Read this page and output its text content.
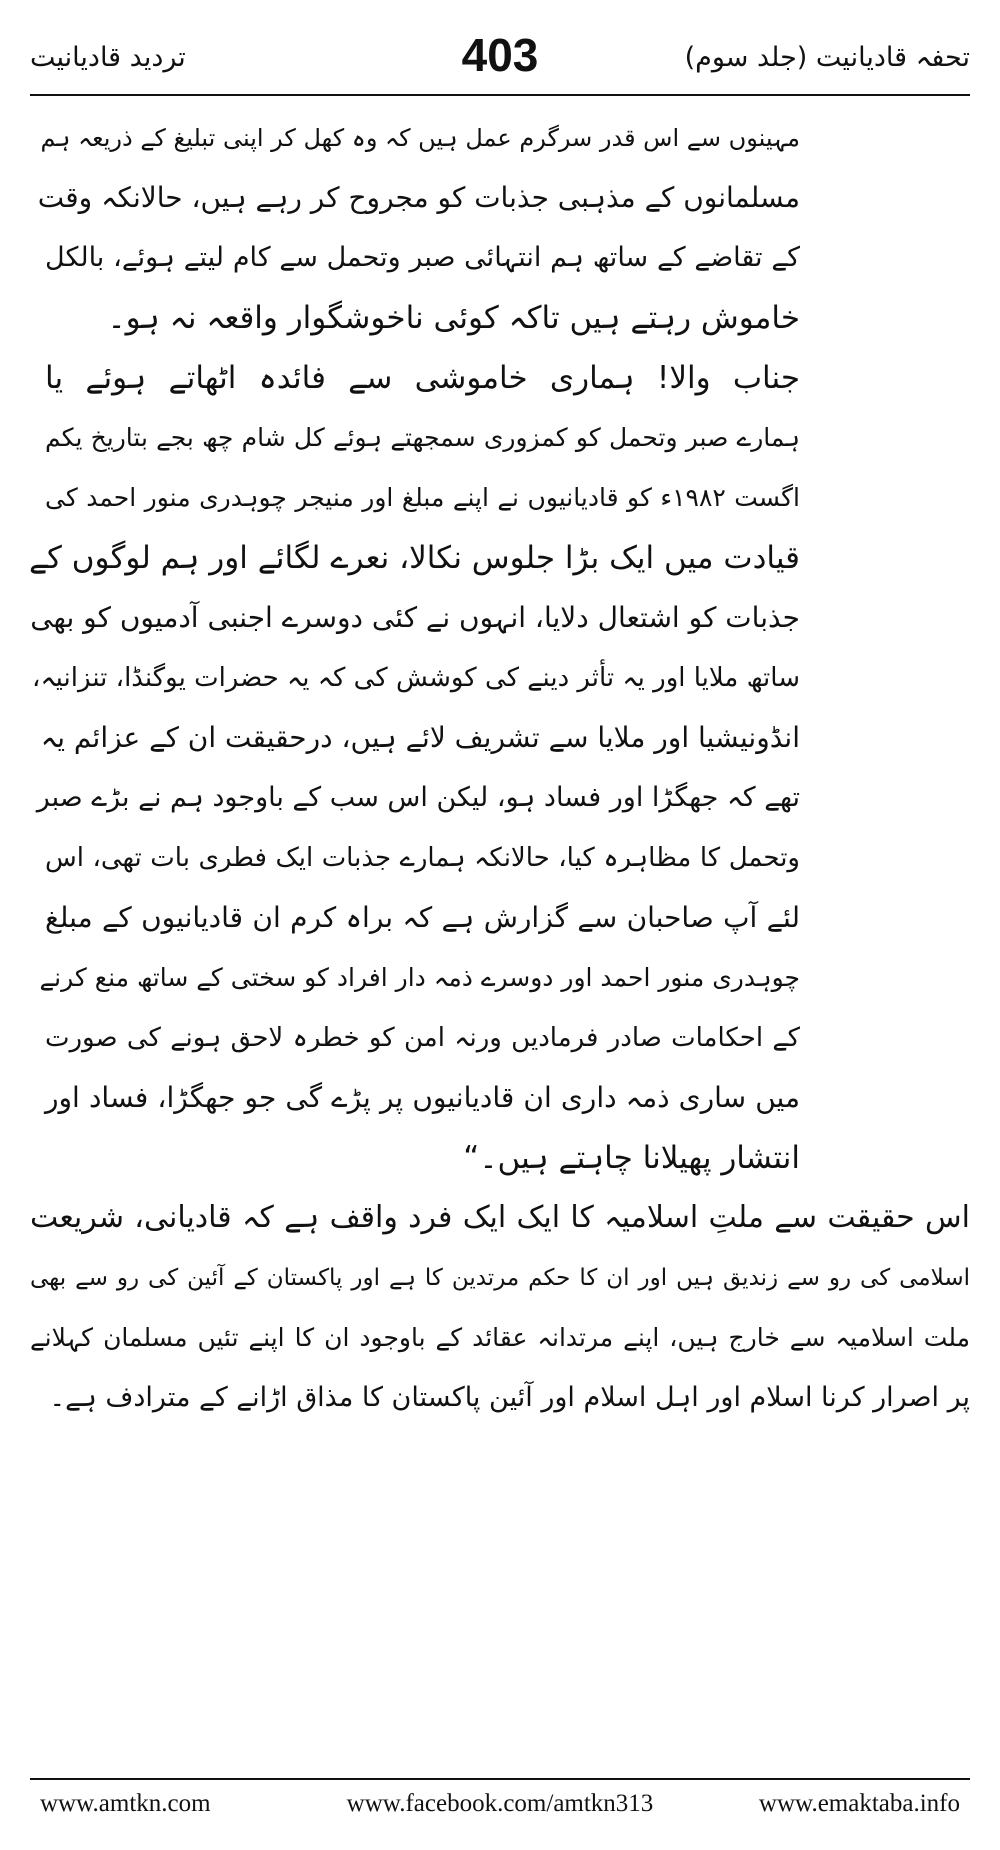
تحفہ قادیانیت (جلد سوم)
403
تردید قادیانیت
مہینوں سے اس قدر سرگرم عمل ہیں کہ وہ کھل کر اپنی تبلیغ کے ذریعہ ہم
مسلمانوں کے مذہبی جذبات کو مجروح کر رہے ہیں، حالانکہ وقت
کے تقاضے کے ساتھ ہم انتہائی صبر وتحمل سے کام لیتے ہوئے، بالکل
خاموش رہتے ہیں تاکہ کوئی ناخوشگوار واقعہ نہ ہو۔
جناب والا! ہماری خاموشی سے فائدہ اٹھاتے ہوئے یا
ہمارے صبر وتحمل کو کمزوری سمجھتے ہوئے کل شام چھ بجے بتاریخ یکم
اگست ۱۹۸۲ء کو قادیانیوں نے اپنے مبلغ اور منیجر چوہدری منور احمد کی
قیادت میں ایک بڑا جلوس نکالا، نعرے لگائے اور ہم لوگوں کے
جذبات کو اشتعال دلایا، انہوں نے کئی دوسرے اجنبی آدمیوں کو بھی
ساتھ ملایا اور یہ تأثر دینے کی کوشش کی کہ یہ حضرات یوگنڈا، تنزانیہ،
انڈونیشیا اور ملایا سے تشریف لائے ہیں، درحقیقت ان کے عزائم یہ
تھے کہ جھگڑا اور فساد ہو، لیکن اس سب کے باوجود ہم نے بڑے صبر
وتحمل کا مظاہرہ کیا، حالانکہ ہمارے جذبات ایک فطری بات تھی، اس
لئے آپ صاحبان سے گزارش ہے کہ براہ کرم ان قادیانیوں کے مبلغ
چوہدری منور احمد اور دوسرے ذمہ دار افراد کو سختی کے ساتھ منع کرنے
کے احکامات صادر فرمادیں ورنہ امن کو خطرہ لاحق ہونے کی صورت
میں ساری ذمہ داری ان قادیانیوں پر پڑے گی جو جھگڑا، فساد اور
انتشار پھیلانا چاہتے ہیں۔“
اس حقیقت سے ملتِ اسلامیہ کا ایک ایک فرد واقف ہے کہ قادیانی، شریعت
اسلامی کی رو سے زندیق ہیں اور ان کا حکم مرتدین کا ہے اور پاکستان کے آئین کی رو سے بھی
ملت اسلامیہ سے خارج ہیں، اپنے مرتدانہ عقائد کے باوجود ان کا اپنے تئیں مسلمان کہلانے
پر اصرار کرنا اسلام اور اہل اسلام اور آئین پاکستان کا مذاق اڑانے کے مترادف ہے۔
www.amtkn.com	www.facebook.com/amtkn313	www.emaktaba.info
